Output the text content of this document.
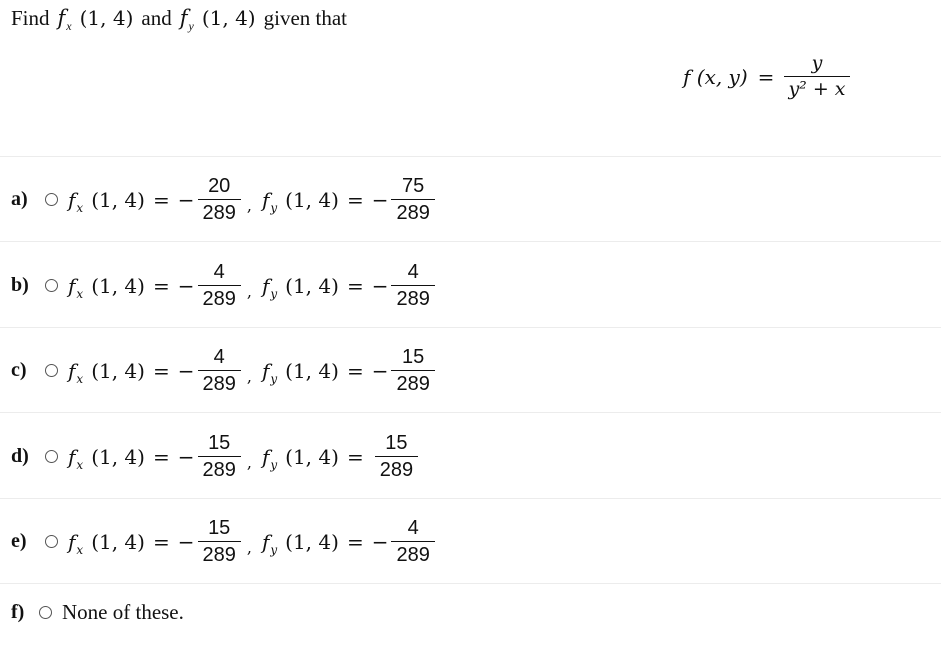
Find $f_x$ (1, 4) and $f_y$ (1, 4) given that
f (x, $y) = \frac{y}{\text{y² + x}}$
a)	$f_x$ (1, 4) = − $\frac{20}{289}$ , $f_y$ (1, 4) = − $\frac{75}{289}$
b)	$f_x$ (1, 4) = − $\frac{4}{289}$ , $f_y$ (1, 4) = − $\frac{4}{289}$
c)	$f_x$ (1, 4) = − $\frac{4}{289}$ , $f_y$ (1, 4) = − $\frac{15}{289}$
d)	$f_x$ (1, 4) = − $\frac{15}{289}$ , $f_y$ (1, $4) = \frac{15}{289}$
e)	$f_x$ (1, 4) = − $\frac{15}{289}$ , $f_y$ (1, 4) = − $\frac{4}{289}$
f)	None of these.
